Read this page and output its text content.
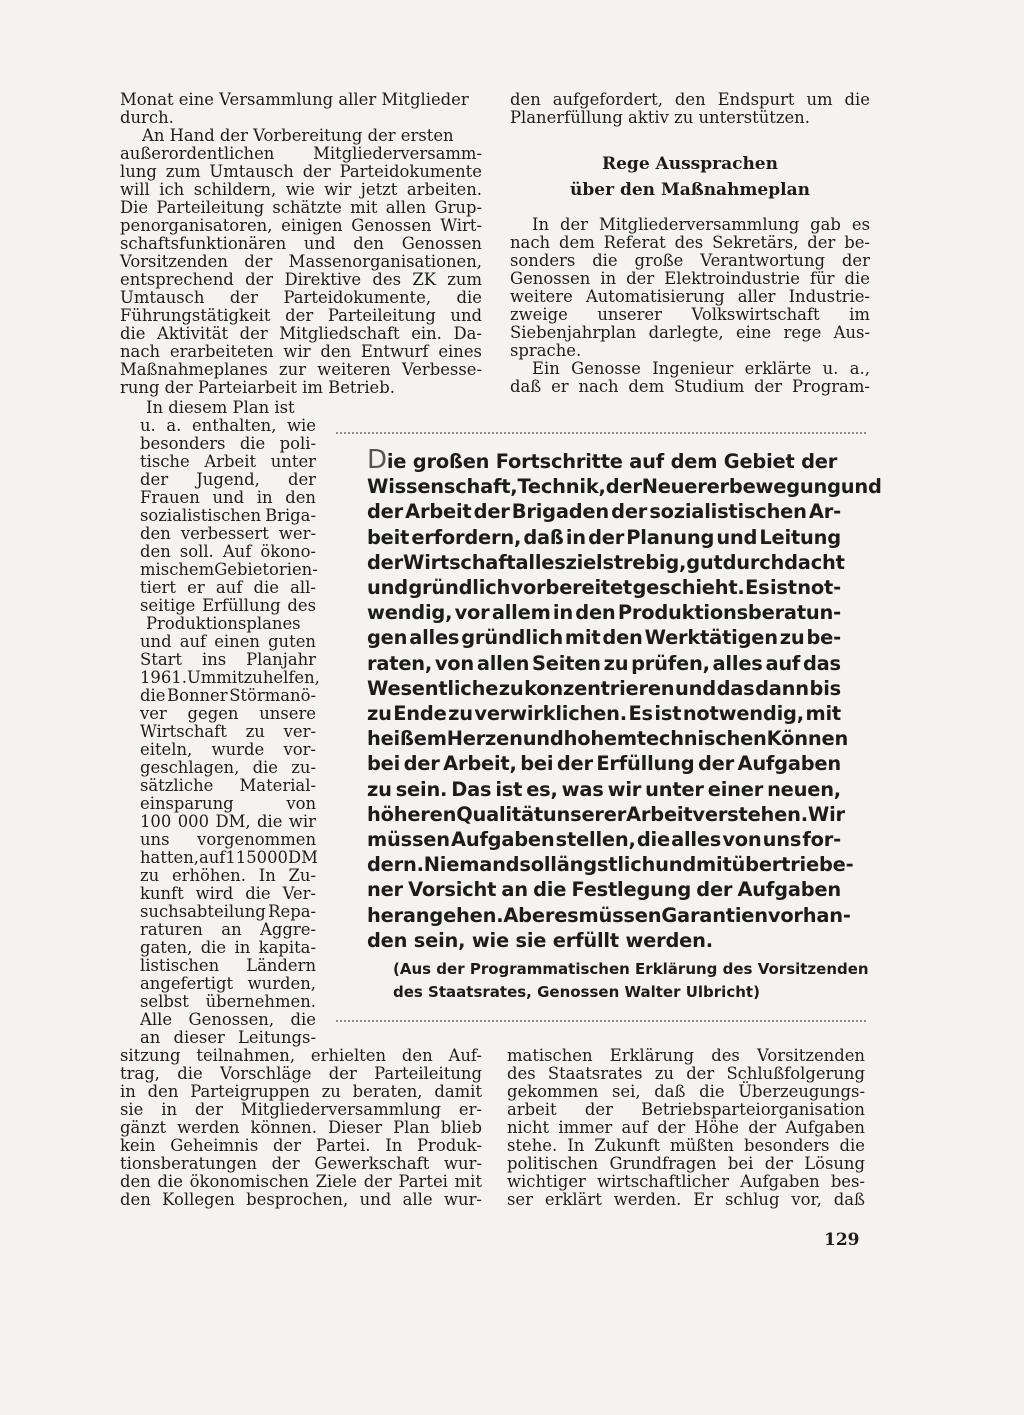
Monat eine Versammlung aller Mitglieder
durch.
An Hand der Vorbereitung der ersten
außerordentlichen Mitgliederversamm-
lung zum Umtausch der Parteidokumente
will ich schildern, wie wir jetzt arbeiten.
Die Parteileitung schätzte mit allen Grup-
penorganisatoren, einigen Genossen Wirt-
schaftsfunktionären und den Genossen
Vorsitzenden der Massenorganisationen,
entsprechend der Direktive des ZK zum
Umtausch der Parteidokumente, die
Führungstätigkeit der Parteileitung und
die Aktivität der Mitgliedschaft ein. Da-
nach erarbeiteten wir den Entwurf eines
Maßnahmeplanes zur weiteren Verbesse-
rung der Parteiarbeit im Betrieb.
In diesem Plan ist
u. a. enthalten, wie
besonders die poli-
tische Arbeit unter
der Jugend, der
Frauen und in den
sozialistischen Briga-
den verbessert wer-
den soll. Auf ökono-
mischem Gebiet orien-
tiert er auf die all-
seitige Erfüllung des
Produktionsplanes
und auf einen guten
Start ins Planjahr
1961. Um mitzuhelfen,
die Bonner Störmanö-
ver gegen unsere
Wirtschaft zu ver-
eiteln, wurde vor-
geschlagen, die zu-
sätzliche Material-
einsparung	von
100 000 DM, die wir
uns vorgenommen
hatten, auf 115 000 DM
zu erhöhen. In Zu-
kunft wird die Ver-
suchsabteilung Repa-
raturen an Aggre-
gaten, die in kapita-
listischen Ländern
angefertigt wurden,
selbst übernehmen.
Alle Genossen, die
an dieser Leitungs-
sitzung teilnahmen, erhielten den Auf-
trag, die Vorschläge der Parteileitung
in den Parteigruppen zu beraten, damit
sie in der Mitgliederversammlung er-
gänzt werden können. Dieser Plan blieb
kein Geheimnis der Partei. In Produk-
tionsberatungen der Gewerkschaft wur-
den die ökonomischen Ziele der Partei mit
den Kollegen besprochen, und alle wur-
den aufgefordert, den Endspurt um die
Planerfüllung aktiv zu unterstützen.
Rege Aussprachen
über den Maßnahmeplan
In der Mitgliederversammlung gab es
nach dem Referat des Sekretärs, der be-
sonders die große Verantwortung der
Genossen in der Elektroindustrie für die
weitere Automatisierung aller Industrie-
zweige unserer Volkswirtschaft im
Siebenjahrplan darlegte, eine rege Aus-
sprache.
Ein Genosse Ingenieur erklärte u. a.,
daß er nach dem Studium der Program-
Die großen Fortschritte auf dem Gebiet der
Wissenschaft, Technik, der Neuererbewegung und
der Arbeit der Brigaden der sozialistischen Ar-
beit erfordern, daß in der Planung und Leitung
der Wirtschaft alles zielstrebig, gut durchdacht
und gründlich vorbereitet geschieht. Es ist not-
wendig, vor allem in den Produktionsberatun-
gen alles gründlich mit den Werktätigen zu be-
raten, von allen Seiten zu prüfen, alles auf das
Wesentliche zu konzentrieren und das dann bis
zu Ende zu verwirklichen. Es ist notwendig, mit
heißem Herzen und hohem technischen Können
bei der Arbeit, bei der Erfüllung der Aufgaben
zu sein. Das ist es, was wir unter einer neuen,
höheren Qualität unserer Arbeit verstehen. Wir
müssen Aufgaben stellen, die alles von uns for-
dern. Niemand soll ängstlich und mit übertriebe-
ner Vorsicht an die Festlegung der Aufgaben
herangehen. Aber es müssen Garantien vorhan-
den sein, wie sie erfüllt werden.
(Aus der Programmatischen Erklärung des Vorsitzenden
des Staatsrates, Genossen Walter Ulbricht)
matischen Erklärung des Vorsitzenden
des Staatsrates zu der Schlußfolgerung
gekommen sei, daß die Überzeugungs-
arbeit der Betriebsparteiorganisation
nicht immer auf der Höhe der Aufgaben
stehe. In Zukunft müßten besonders die
politischen Grundfragen bei der Lösung
wichtiger wirtschaftlicher Aufgaben bes-
ser erklärt werden. Er schlug vor, daß
129
